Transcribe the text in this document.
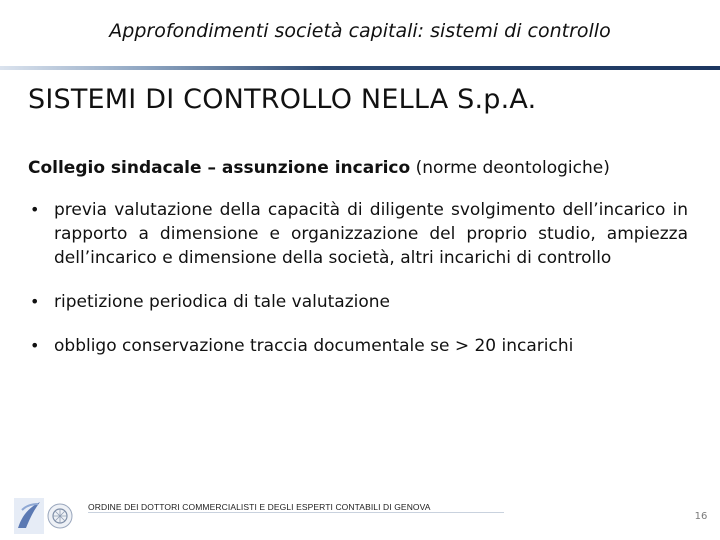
Approfondimenti società capitali: sistemi di controllo
SISTEMI DI CONTROLLO NELLA S.p.A.
Collegio sindacale – assunzione incarico (norme deontologiche)
• previa valutazione della capacità di diligente svolgimento dell’incarico in rapporto a dimensione e organizzazione del proprio studio, ampiezza dell’incarico e dimensione della società, altri incarichi di controllo
• ripetizione periodica di tale valutazione
• obbligo conservazione traccia documentale se > 20 incarichi
ORDINE DEI DOTTORI COMMERCIALISTI E DEGLI ESPERTI CONTABILI DI GENOVA
16
